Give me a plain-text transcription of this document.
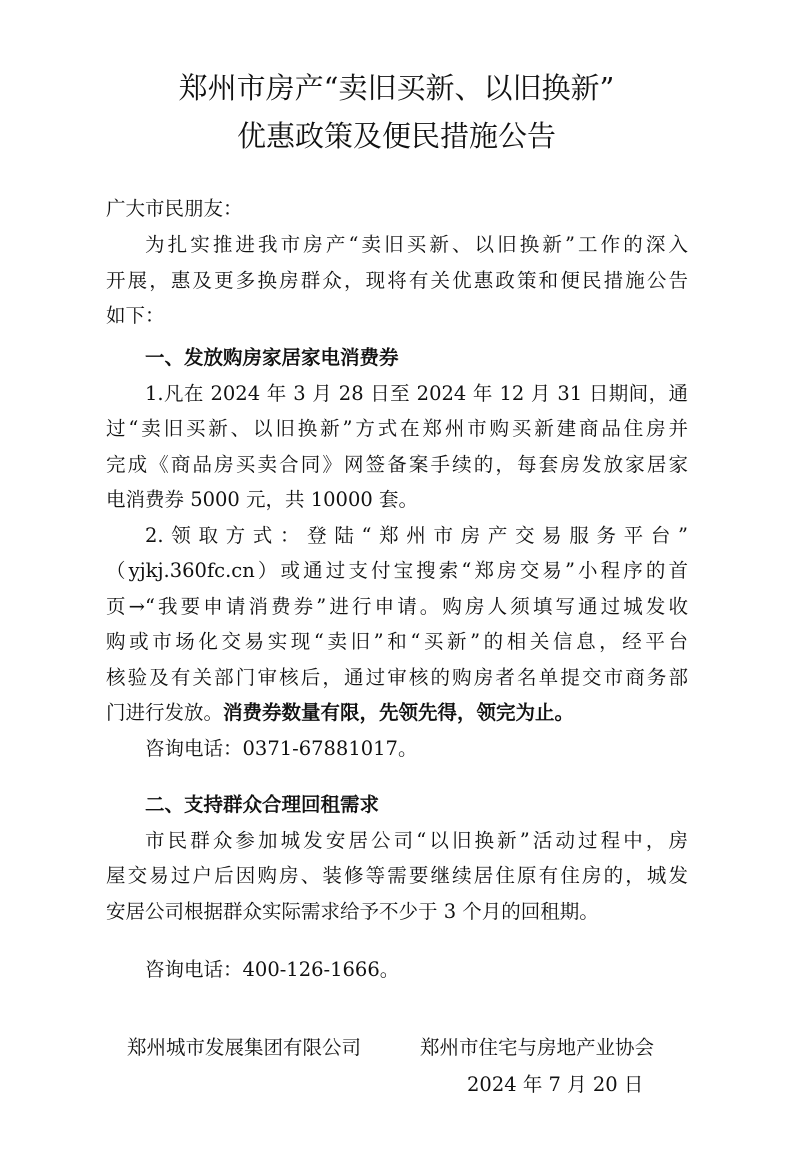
郑州市房产“卖旧买新、以旧换新”
优惠政策及便民措施公告
广大市民朋友：
为扎实推进我市房产“卖旧买新、以旧换新”工作的深入
开展，惠及更多换房群众，现将有关优惠政策和便民措施公告
如下：
一、发放购房家居家电消费券
1.凡在 2024 年 3 月 28 日至 2024 年 12 月 31 日期间，通
过“卖旧买新、以旧换新”方式在郑州市购买新建商品住房并
完成《商品房买卖合同》网签备案手续的，每套房发放家居家
电消费券 5000 元，共 10000 套。
2.领取方式：登陆“郑州市房产交易服务平台”
（yjkj.360fc.cn）或通过支付宝搜索“郑房交易”小程序的首
页→“我要申请消费券”进行申请。购房人须填写通过城发收
购或市场化交易实现“卖旧”和“买新”的相关信息，经平台
核验及有关部门审核后，通过审核的购房者名单提交市商务部
门进行发放。消费券数量有限，先领先得，领完为止。
咨询电话：0371-67881017。
二、支持群众合理回租需求
市民群众参加城发安居公司“以旧换新”活动过程中，房
屋交易过户后因购房、装修等需要继续居住原有住房的，城发
安居公司根据群众实际需求给予不少于 3 个月的回租期。
咨询电话：400-126-1666。
郑州城市发展集团有限公司	郑州市住宅与房地产业协会
2024 年 7 月 20 日
